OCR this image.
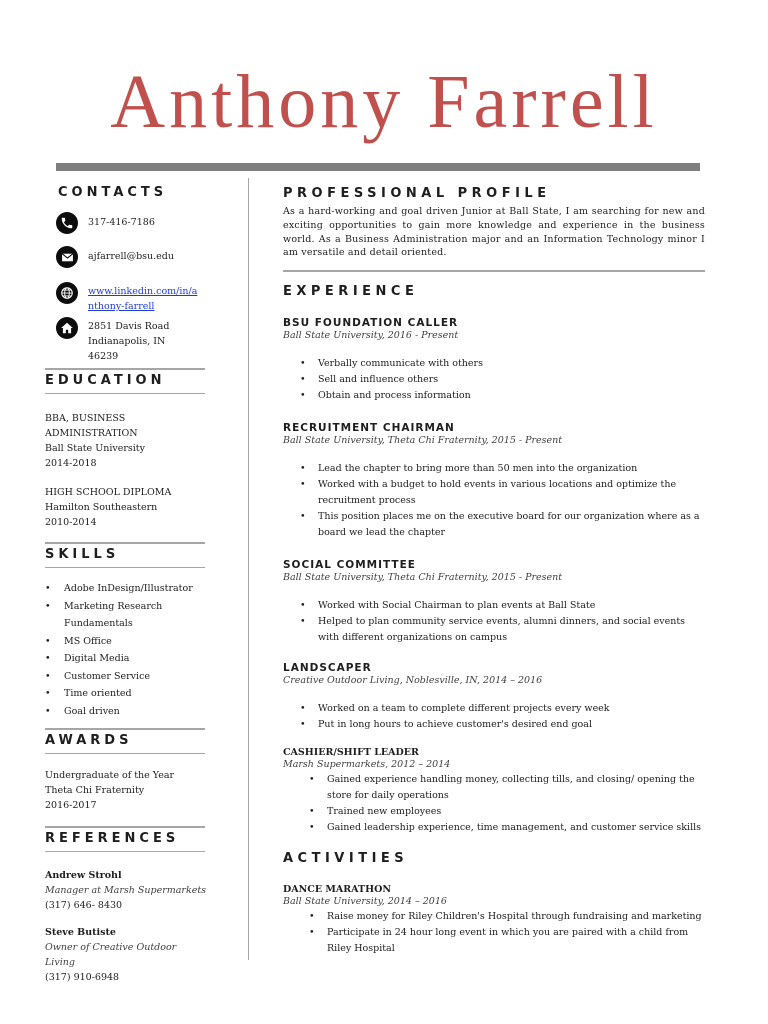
Anthony Farrell
CONTACTS
317-416-7186
ajfarrell@bsu.edu
www.linkedin.com/in/a
nthony-farrell
2851 Davis Road
Indianapolis, IN
46239
EDUCATION
BBA, BUSINESS
ADMINISTRATION
Ball State University
2014-2018
HIGH SCHOOL DIPLOMA
Hamilton Southeastern
2010-2014
SKILLS
• Adobe InDesign/Illustrator
• Marketing Research
Fundamentals
• MS Office
• Digital Media
• Customer Service
• Time oriented
• Goal driven
AWARDS
Undergraduate of the Year
Theta Chi Fraternity
2016-2017
REFERENCES
Andrew Strohl
Manager at Marsh Supermarkets
(317) 646- 8430
Steve Butiste
Owner of Creative Outdoor Living
(317) 910-6948
PROFESSIONAL PROFILE
As a hard-working and goal driven Junior at Ball State, I am searching for new and exciting opportunities to gain more knowledge and experience in the business world. As a Business Administration major and an Information Technology minor I am versatile and detail oriented.
EXPERIENCE
BSU FOUNDATION CALLER
Ball State University, 2016 - Present
• Verbally communicate with others
• Sell and influence others
• Obtain and process information
RECRUITMENT CHAIRMAN
Ball State University, Theta Chi Fraternity, 2015 - Present
• Lead the chapter to bring more than 50 men into the organization
• Worked with a budget to hold events in various locations and optimize the
recruitment process
• This position places me on the executive board for our organization where as a
board we lead the chapter
SOCIAL COMMITTEE
Ball State University, Theta Chi Fraternity, 2015 - Present
• Worked with Social Chairman to plan events at Ball State
• Helped to plan community service events, alumni dinners, and social events
with different organizations on campus
LANDSCAPER
Creative Outdoor Living, Noblesville, IN, 2014 – 2016
• Worked on a team to complete different projects every week
• Put in long hours to achieve customer's desired end goal
CASHIER/SHIFT LEADER
Marsh Supermarkets, 2012 – 2014
• Gained experience handling money, collecting tills, and closing/ opening the
store for daily operations
• Trained new employees
• Gained leadership experience, time management, and customer service skills
ACTIVITIES
DANCE MARATHON
Ball State University, 2014 – 2016
• Raise money for Riley Children's Hospital through fundraising and marketing
• Participate in 24 hour long event in which you are paired with a child from
Riley Hospital
